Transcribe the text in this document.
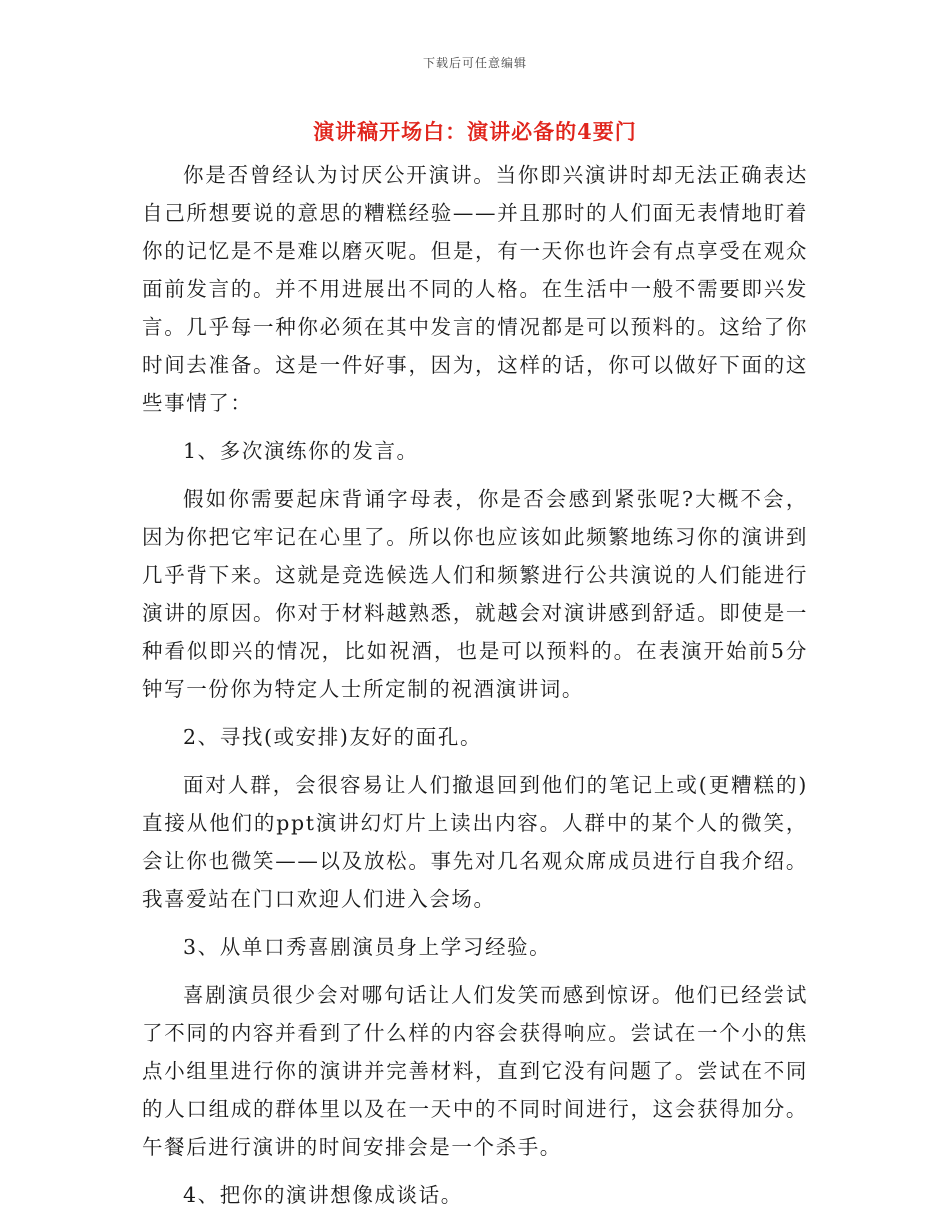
下载后可任意编辑
演讲稿开场白：演讲必备的4要门

你是否曾经认为讨厌公开演讲。当你即兴演讲时却无法正确表达自己所想要说的意思的糟糕经验——并且那时的人们面无表情地盯着你的记忆是不是难以磨灭呢。但是，有一天你也许会有点享受在观众面前发言的。并不用进展出不同的人格。在生活中一般不需要即兴发言。几乎每一种你必须在其中发言的情况都是可以预料的。这给了你时间去准备。这是一件好事，因为，这样的话，你可以做好下面的这些事情了：

1、多次演练你的发言。

假如你需要起床背诵字母表，你是否会感到紧张呢?大概不会，因为你把它牢记在心里了。所以你也应该如此频繁地练习你的演讲到几乎背下来。这就是竞选候选人们和频繁进行公共演说的人们能进行演讲的原因。你对于材料越熟悉，就越会对演讲感到舒适。即使是一种看似即兴的情况，比如祝酒，也是可以预料的。在表演开始前5分钟写一份你为特定人士所定制的祝酒演讲词。

2、寻找(或安排)友好的面孔。

面对人群，会很容易让人们撤退回到他们的笔记上或(更糟糕的)直接从他们的ppt演讲幻灯片上读出内容。人群中的某个人的微笑，会让你也微笑——以及放松。事先对几名观众席成员进行自我介绍。我喜爱站在门口欢迎人们进入会场。

3、从单口秀喜剧演员身上学习经验。

喜剧演员很少会对哪句话让人们发笑而感到惊讶。他们已经尝试了不同的内容并看到了什么样的内容会获得响应。尝试在一个小的焦点小组里进行你的演讲并完善材料，直到它没有问题了。尝试在不同的人口组成的群体里以及在一天中的不同时间进行，这会获得加分。午餐后进行演讲的时间安排会是一个杀手。

4、把你的演讲想像成谈话。
